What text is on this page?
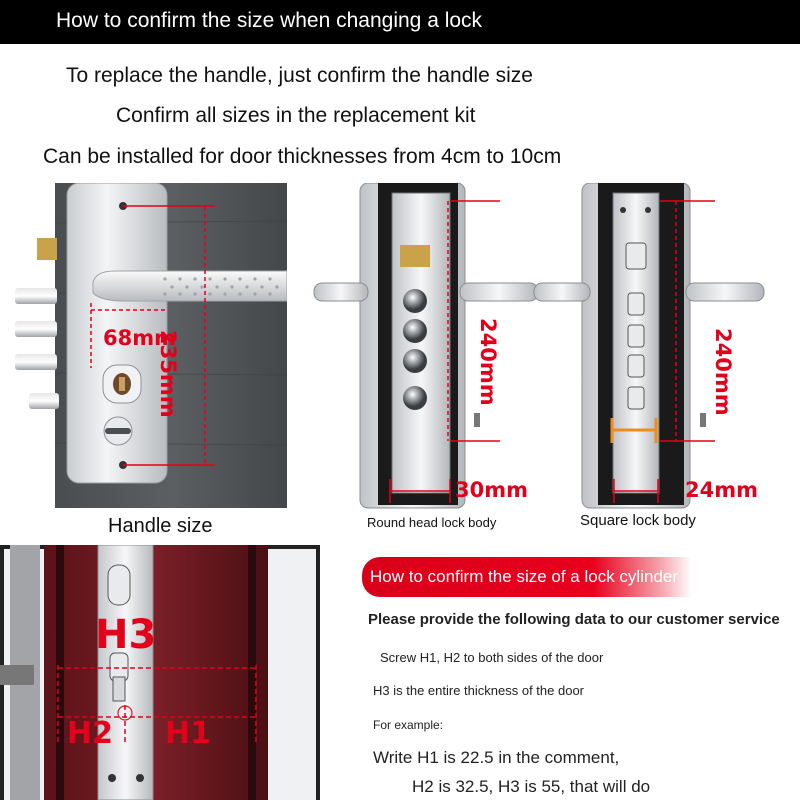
How to confirm the size when changing a lock
To replace the handle, just confirm the handle size
Confirm all sizes in the replacement kit
Can be installed for door thicknesses from 4cm to 10cm
68mm
235mm
Handle size
240mm
30mm
Round head lock body
240mm
24mm
Square lock body
H3
H2 H1
How to confirm the size of a lock cylinder
Please provide the following data to our customer service
Screw H1, H2 to both sides of the door
H3 is the entire thickness of the door
For example:
Write H1 is 22.5 in the comment,
H2 is 32.5, H3 is 55, that will do
